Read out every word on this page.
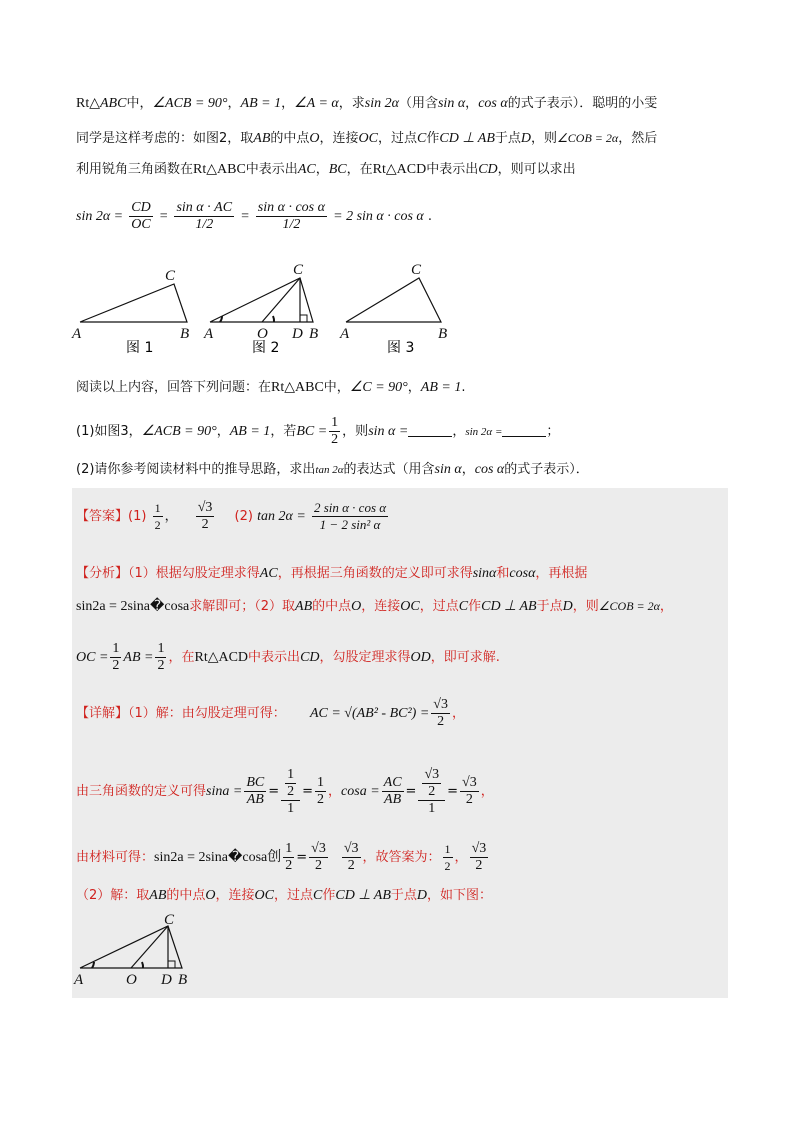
Rt△ABC中，∠ACB = 90°，AB = 1，∠A = α，求sin 2α（用含sin α，cos α的式子表示）．聪明的小雯
同学是这样考虑的：如图2，取AB的中点O，连接OC，过点C作CD ⊥ AB于点D，则∠COB = 2α，然后
利用锐角三角函数在Rt△ABC中表示出AC，BC，在Rt△ACD中表示出CD，则可以求出
$\sin 2\alpha = \frac{CD}{OC} = \frac{\text{sin α · AC}}{1/2} = \frac{\text{sin α · cos α}}{1/2} = 2$ sin α · cos α .
C
A	B
图 1
C
A	O D B
图 2
C
A	B
图 3
阅读以上内容，回答下列问题：在Rt△ABC中，∠C = 90°，AB = 1.
(1)如图3，∠ACB = 90°，AB = 1，若BC = $\frac{1}{2}$ ，则sin α =	，sin 2α =	；
(2)请你参考阅读材料中的推导思路，求出tan 2α的表达式（用含sin α，cos α的式子表示）．
【答案】$(1) \frac{1}{2}$ ， $\frac{√3}{2} (2)$ $\tan 2\alpha = \frac{\text{2 sin α · cos α}}{\text{1 − 2 sin² α}}$
【分析】（1）根据勾股定理求得AC，再根据三角函数的定义即可求得sinα和cosα，再根据
sin2a = 2sina�cosa求解即可；（2）取AB的中点O，连接OC，过点C作CD ⊥ AB于点D，则∠COB = 2α，
OC = $\frac{1}{2}$ AB = $\frac{1}{2}$ ，在Rt△ACD中表示出CD，勾股定理求得OD，即可求解.
【详解】（1）解：由勾股定理可得： AC = $√(AB^2 - BC^2) = \frac{√3}{2}$ ，
由三角函数的定义可得$\sin a = \frac{BC}{AB} = \frac{\frac{1}{2}}{1} = \frac{1}{2}$ ，$\cos a = \frac{AC}{AB} = \frac{\frac{√3}{2}}{1} = \frac{√3}{2}$ ，
由材料可得：sin2a = 2sina�cosa创 $\frac{1}{2} = \frac{√3}{2} \frac{√3}{2}$ ，故答案为： $\frac{1}{2}$ ， $\frac{√3}{2}$
（2）解：取AB的中点O，连接OC，过点C作CD ⊥ AB于点D，如下图：
C
A	O D B
